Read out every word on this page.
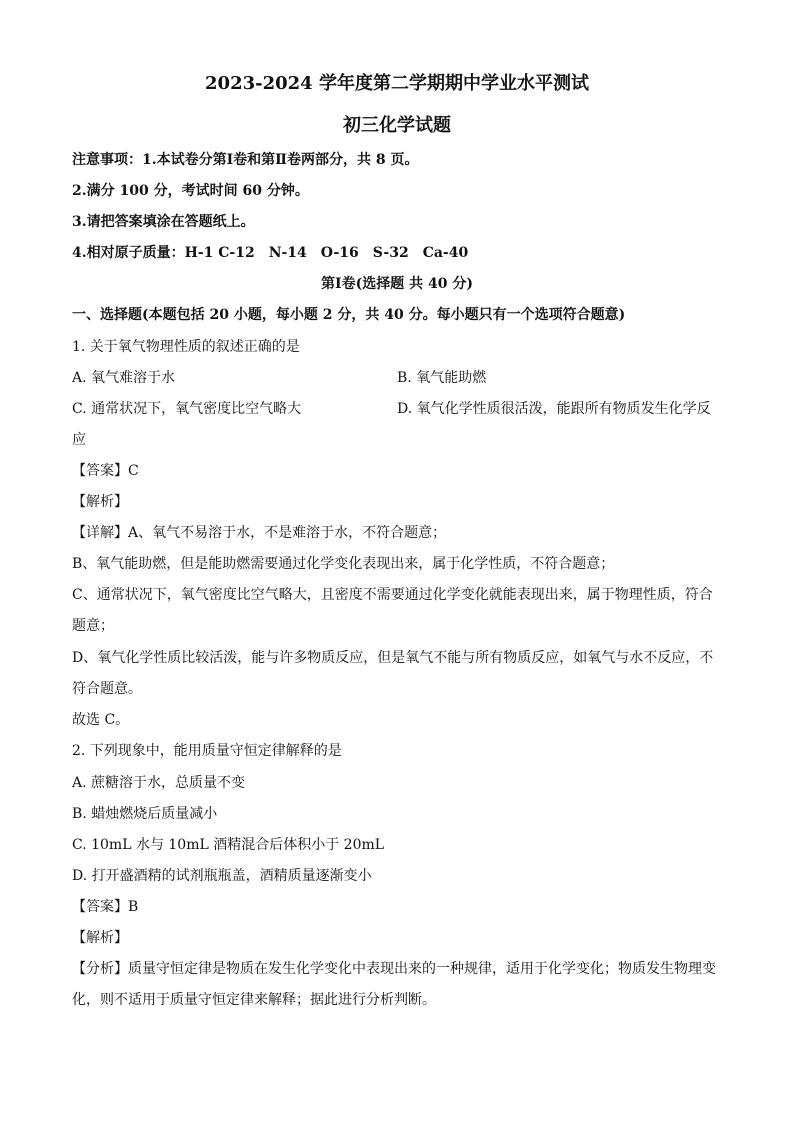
2023-2024 学年度第二学期期中学业水平测试
初三化学试题
注意事项：1.本试卷分第Ⅰ卷和第Ⅱ卷两部分，共 8 页。
2.满分 100 分，考试时间 60 分钟。
3.请把答案填涂在答题纸上。
4.相对原子质量：H-1 C-12　N-14　O-16　S-32　Ca-40
第Ⅰ卷(选择题 共 40 分)
一、选择题(本题包括 20 小题，每小题 2 分，共 40 分。每小题只有一个选项符合题意)
1. 关于氧气物理性质的叙述正确的是
A. 氧气难溶于水	B. 氧气能助燃
C. 通常状况下，氧气密度比空气略大	D. 氧气化学性质很活泼，能跟所有物质发生化学反
应
【答案】C
【解析】
【详解】A、氧气不易溶于水，不是难溶于水，不符合题意；
B、氧气能助燃，但是能助燃需要通过化学变化表现出来，属于化学性质，不符合题意；
C、通常状况下，氧气密度比空气略大，且密度不需要通过化学变化就能表现出来，属于物理性质，符合
题意；
D、氧气化学性质比较活泼，能与许多物质反应，但是氧气不能与所有物质反应，如氧气与水不反应，不
符合题意。
故选 C。
2. 下列现象中，能用质量守恒定律解释的是
A. 蔗糖溶于水，总质量不变
B. 蜡烛燃烧后质量减小
C. 10mL 水与 10mL 酒精混合后体积小于 20mL
D. 打开盛酒精的试剂瓶瓶盖，酒精质量逐渐变小
【答案】B
【解析】
【分析】质量守恒定律是物质在发生化学变化中表现出来的一种规律，适用于化学变化；物质发生物理变
化，则不适用于质量守恒定律来解释；据此进行分析判断。
